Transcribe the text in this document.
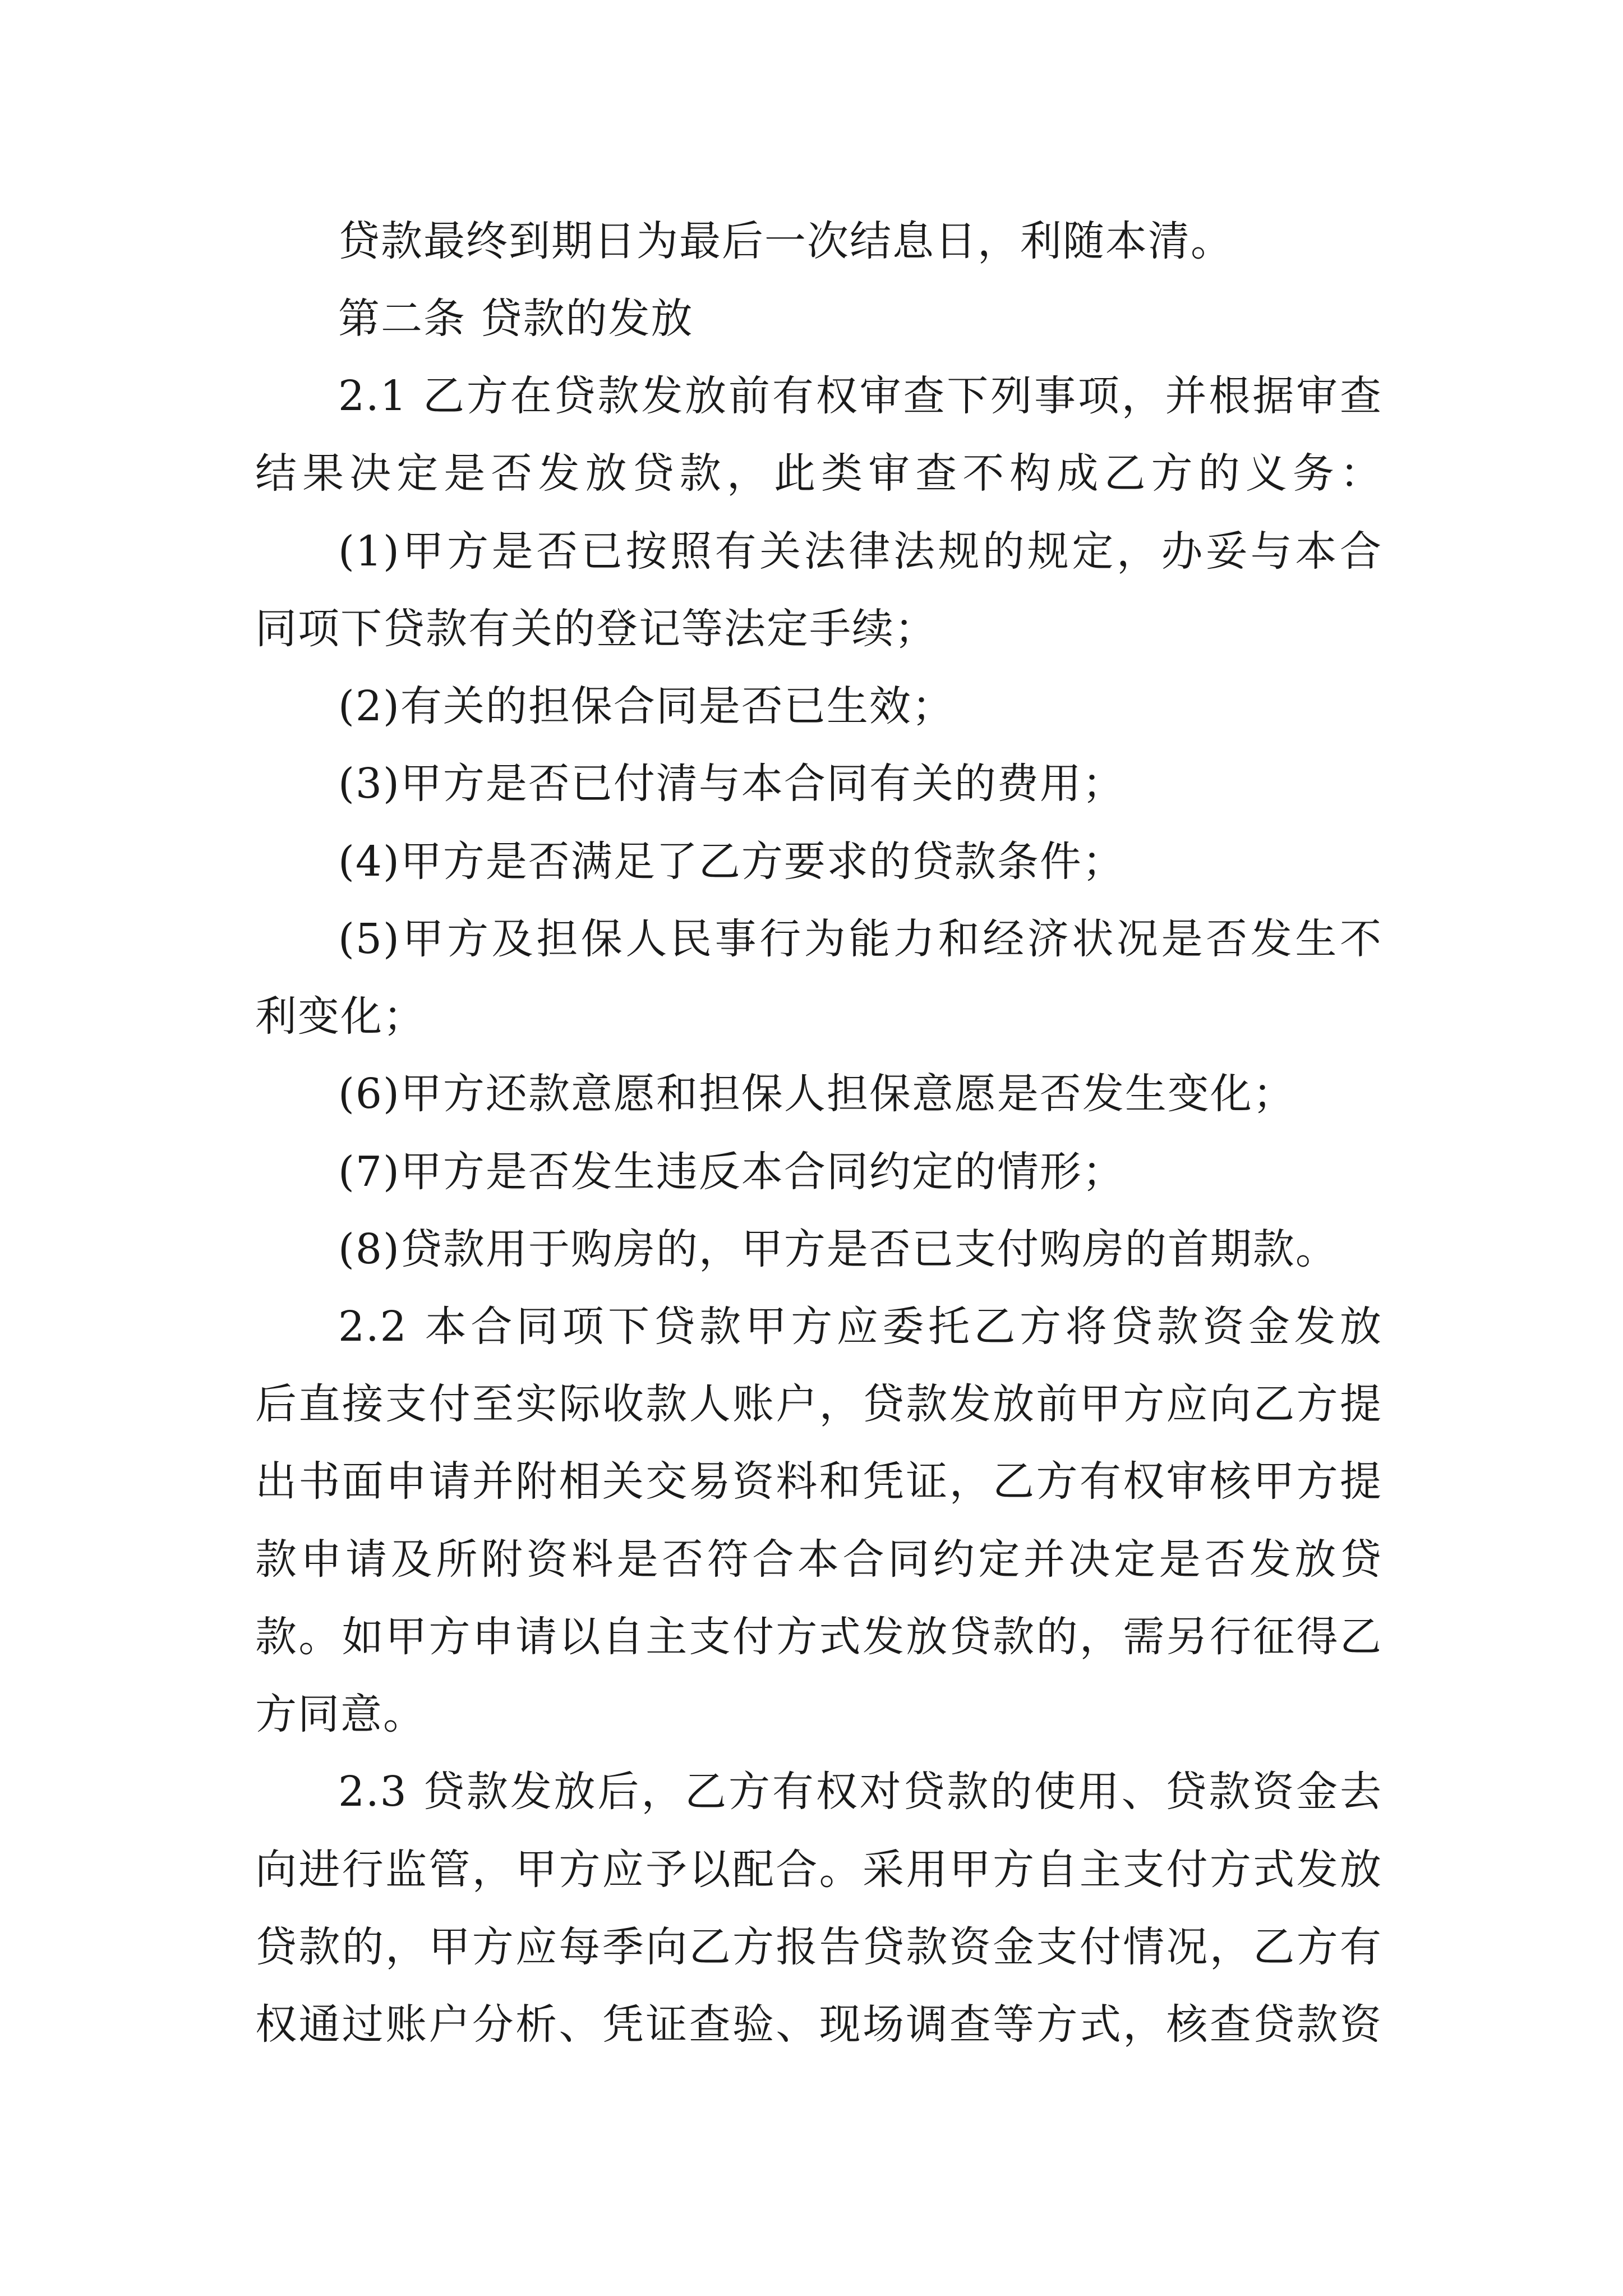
贷款最终到期日为最后一次结息日，利随本清。
第二条 贷款的发放
2.1 乙方在贷款发放前有权审查下列事项，并根据审查
结果决定是否发放贷款，此类审查不构成乙方的义务：
(1)甲方是否已按照有关法律法规的规定，办妥与本合
同项下贷款有关的登记等法定手续；
(2)有关的担保合同是否已生效；
(3)甲方是否已付清与本合同有关的费用；
(4)甲方是否满足了乙方要求的贷款条件；
(5)甲方及担保人民事行为能力和经济状况是否发生不
利变化；
(6)甲方还款意愿和担保人担保意愿是否发生变化；
(7)甲方是否发生违反本合同约定的情形；
(8)贷款用于购房的，甲方是否已支付购房的首期款。
2.2 本合同项下贷款甲方应委托乙方将贷款资金发放
后直接支付至实际收款人账户，贷款发放前甲方应向乙方提
出书面申请并附相关交易资料和凭证，乙方有权审核甲方提
款申请及所附资料是否符合本合同约定并决定是否发放贷
款。如甲方申请以自主支付方式发放贷款的，需另行征得乙
方同意。
2.3 贷款发放后，乙方有权对贷款的使用、贷款资金去
向进行监管，甲方应予以配合。采用甲方自主支付方式发放
贷款的，甲方应每季向乙方报告贷款资金支付情况，乙方有
权通过账户分析、凭证查验、现场调查等方式，核查贷款资
